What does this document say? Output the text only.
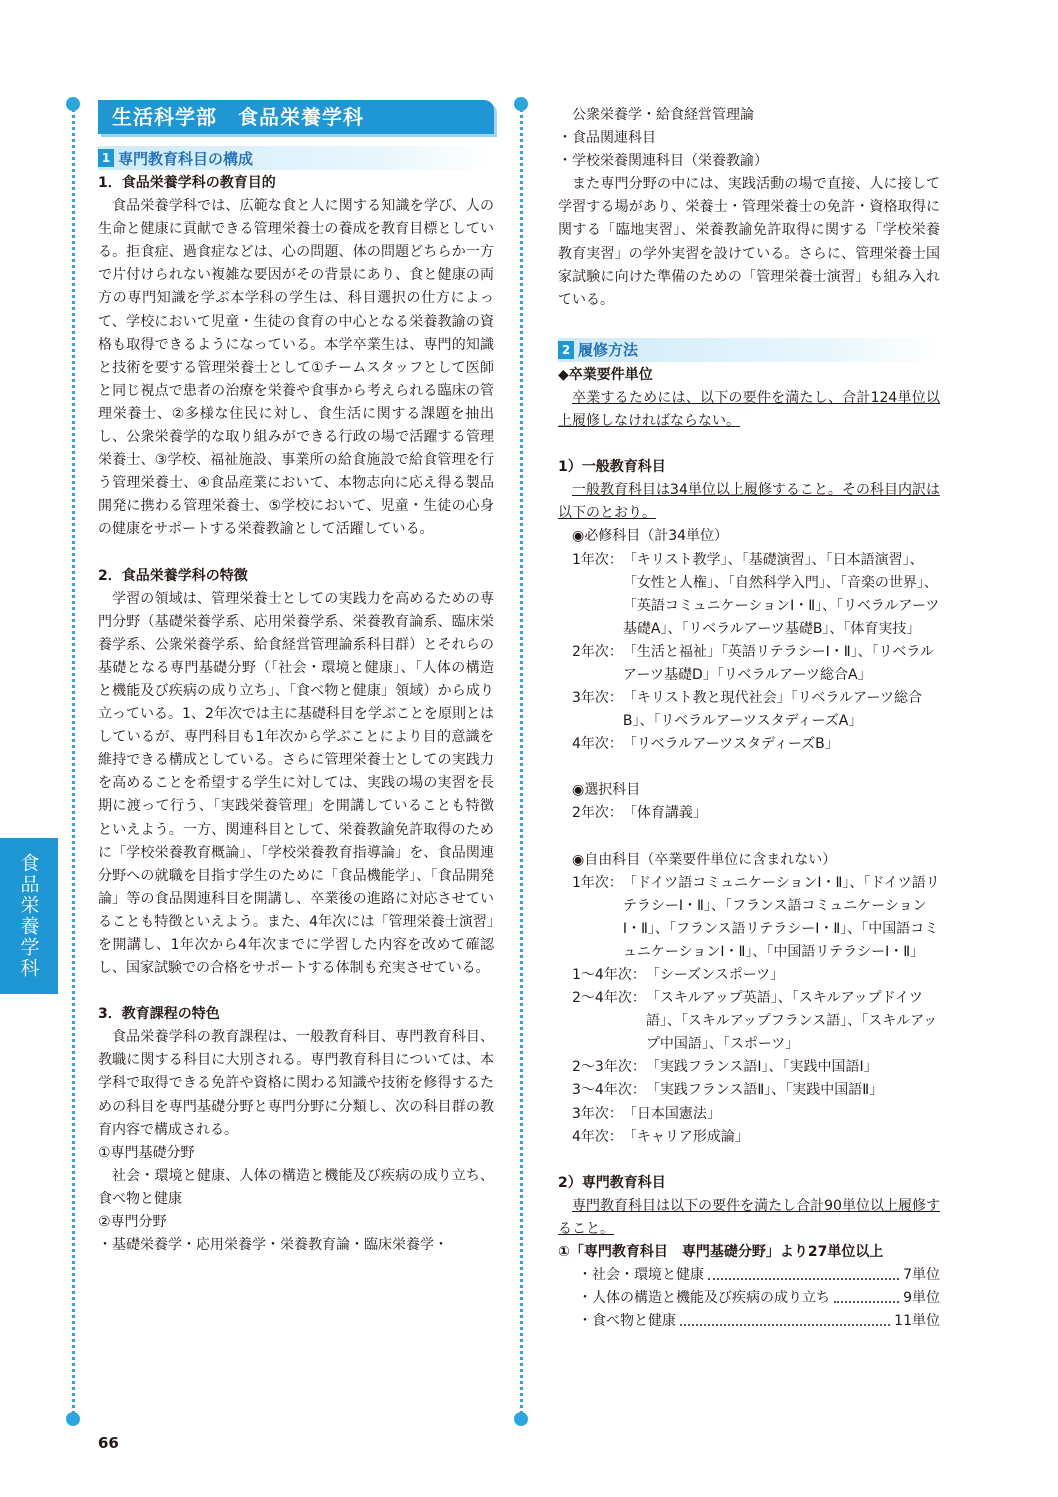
食品栄養学科
生活科学部　食品栄養学科
1 専門教育科目の構成
1．食品栄養学科の教育目的
食品栄養学科では、広範な食と人に関する知識を学び、人の生命と健康に貢献できる管理栄養士の養成を教育目標としている。拒食症、過食症などは、心の問題、体の問題どちらか一方で片付けられない複雑な要因がその背景にあり、食と健康の両方の専門知識を学ぶ本学科の学生は、科目選択の仕方によって、学校において児童・生徒の食育の中心となる栄養教諭の資格も取得できるようになっている。本学卒業生は、専門的知識と技術を要する管理栄養士として①チームスタッフとして医師と同じ視点で患者の治療を栄養や食事から考えられる臨床の管理栄養士、②多様な住民に対し、食生活に関する課題を抽出し、公衆栄養学的な取り組みができる行政の場で活躍する管理栄養士、③学校、福祉施設、事業所の給食施設で給食管理を行う管理栄養士、④食品産業において、本物志向に応え得る製品開発に携わる管理栄養士、⑤学校において、児童・生徒の心身の健康をサポートする栄養教諭として活躍している。
2．食品栄養学科の特徴
学習の領域は、管理栄養士としての実践力を高めるための専門分野（基礎栄養学系、応用栄養学系、栄養教育論系、臨床栄養学系、公衆栄養学系、給食経営管理論系科目群）とそれらの基礎となる専門基礎分野（「社会・環境と健康」、「人体の構造と機能及び疾病の成り立ち」、「食べ物と健康」領域）から成り立っている。1、2年次では主に基礎科目を学ぶことを原則とはしているが、専門科目も1年次から学ぶことにより目的意識を維持できる構成としている。さらに管理栄養士としての実践力を高めることを希望する学生に対しては、実践の場の実習を長期に渡って行う、「実践栄養管理」を開講していることも特徴といえよう。一方、関連科目として、栄養教諭免許取得のために「学校栄養教育概論」、「学校栄養教育指導論」を、食品関連分野への就職を目指す学生のために「食品機能学」、「食品開発論」等の食品関連科目を開講し、卒業後の進路に対応させていることも特徴といえよう。また、4年次には「管理栄養士演習」を開講し、1年次から4年次までに学習した内容を改めて確認し、国家試験での合格をサポートする体制も充実させている。
3．教育課程の特色
食品栄養学科の教育課程は、一般教育科目、専門教育科目、教職に関する科目に大別される。専門教育科目については、本学科で取得できる免許や資格に関わる知識や技術を修得するための科目を専門基礎分野と専門分野に分類し、次の科目群の教育内容で構成される。
①専門基礎分野
社会・環境と健康、人体の構造と機能及び疾病の成り立ち、食べ物と健康
②専門分野
・基礎栄養学・応用栄養学・栄養教育論・臨床栄養学・
公衆栄養学・給食経営管理論
・食品関連科目
・学校栄養関連科目（栄養教諭）
また専門分野の中には、実践活動の場で直接、人に接して学習する場があり、栄養士・管理栄養士の免許・資格取得に関する「臨地実習」、栄養教諭免許取得に関する「学校栄養教育実習」の学外実習を設けている。さらに、管理栄養士国家試験に向けた準備のための「管理栄養士演習」も組み入れている。
2 履修方法
◆卒業要件単位
卒業するためには、以下の要件を満たし、合計124単位以上履修しなければならない。
1）一般教育科目
一般教育科目は34単位以上履修すること。その科目内訳は以下のとおり。
◉必修科目（計34単位）
1年次： 「キリスト教学」、「基礎演習」、「日本語演習」、「女性と人権」、「自然科学入門」、「音楽の世界」、「英語コミュニケーションⅠ・Ⅱ」、「リベラルアーツ基礎A」、「リベラルアーツ基礎B」、「体育実技」
2年次： 「生活と福祉」「英語リテラシーⅠ・Ⅱ」、「リベラルアーツ基礎D」「リベラルアーツ総合A」
3年次： 「キリスト教と現代社会」「リベラルアーツ総合B」、「リベラルアーツスタディーズA」
4年次： 「リベラルアーツスタディーズB」
◉選択科目
2年次： 「体育講義」
◉自由科目（卒業要件単位に含まれない）
1年次： 「ドイツ語コミュニケーションⅠ・Ⅱ」、「ドイツ語リテラシーⅠ・Ⅱ」、「フランス語コミュニケーションⅠ・Ⅱ」、「フランス語リテラシーⅠ・Ⅱ」、「中国語コミュニケーションⅠ・Ⅱ」、「中国語リテラシーⅠ・Ⅱ」
1～4年次： 「シーズンスポーツ」
2～4年次： 「スキルアップ英語」、「スキルアップドイツ語」、「スキルアップフランス語」、「スキルアップ中国語」、「スポーツ」
2～3年次： 「実践フランス語Ⅰ」、「実践中国語Ⅰ」
3～4年次： 「実践フランス語Ⅱ」、「実践中国語Ⅱ」
3年次： 「日本国憲法」
4年次： 「キャリア形成論」
2）専門教育科目
専門教育科目は以下の要件を満たし合計90単位以上履修すること。
①「専門教育科目　専門基礎分野」より27単位以上
・社会・環境と健康	7単位
・人体の構造と機能及び疾病の成り立ち	9単位
・食べ物と健康	11単位
66
